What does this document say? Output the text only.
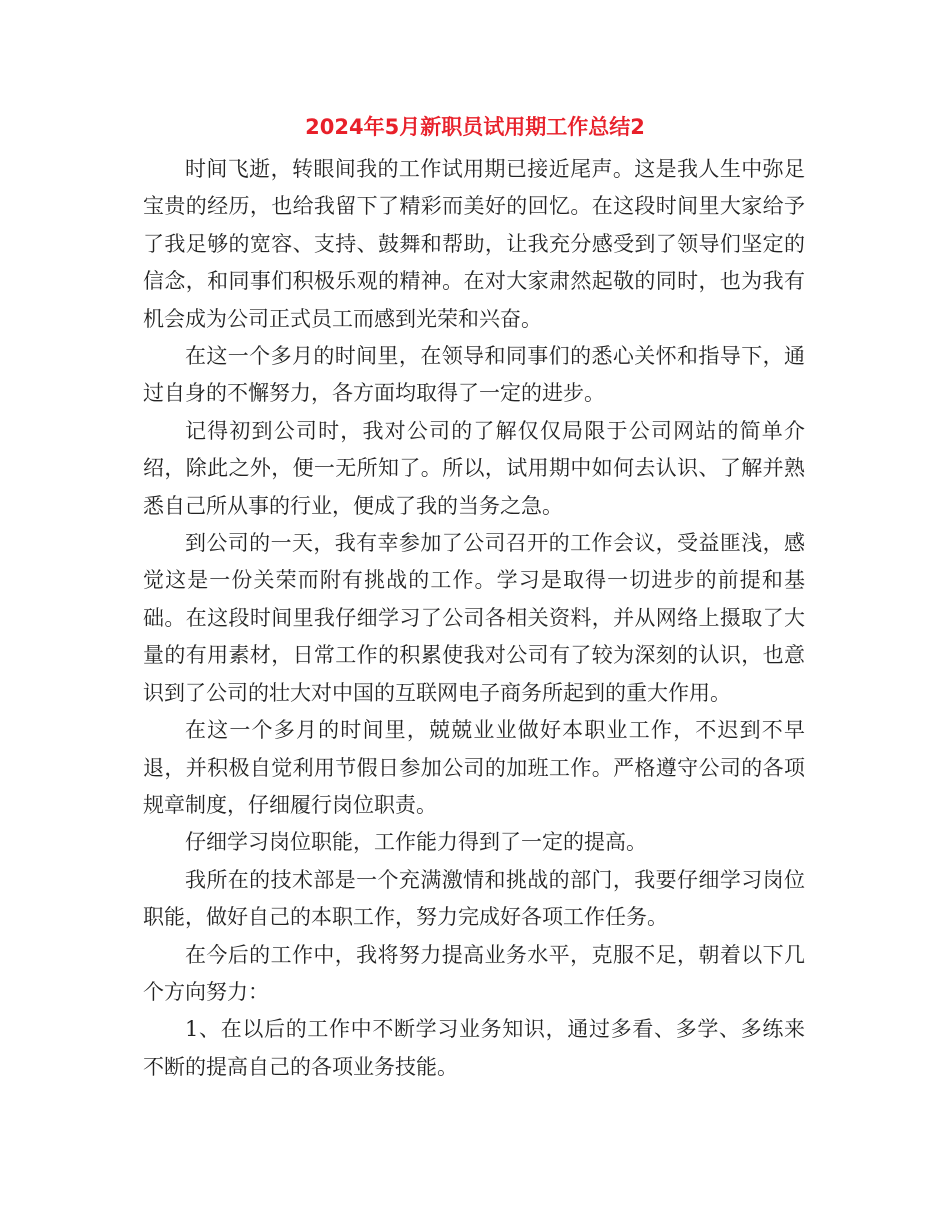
2024年5月新职员试用期工作总结2

时间飞逝，转眼间我的工作试用期已接近尾声。这是我人生中弥足宝贵的经历，也给我留下了精彩而美好的回忆。在这段时间里大家给予了我足够的宽容、支持、鼓舞和帮助，让我充分感受到了领导们坚定的信念，和同事们积极乐观的精神。在对大家肃然起敬的同时，也为我有机会成为公司正式员工而感到光荣和兴奋。

在这一个多月的时间里，在领导和同事们的悉心关怀和指导下，通过自身的不懈努力，各方面均取得了一定的进步。

记得初到公司时，我对公司的了解仅仅局限于公司网站的简单介绍，除此之外，便一无所知了。所以，试用期中如何去认识、了解并熟悉自己所从事的行业，便成了我的当务之急。

到公司的一天，我有幸参加了公司召开的工作会议，受益匪浅，感觉这是一份关荣而附有挑战的工作。学习是取得一切进步的前提和基础。在这段时间里我仔细学习了公司各相关资料，并从网络上摄取了大量的有用素材，日常工作的积累使我对公司有了较为深刻的认识，也意识到了公司的壮大对中国的互联网电子商务所起到的重大作用。

在这一个多月的时间里，兢兢业业做好本职业工作，不迟到不早退，并积极自觉利用节假日参加公司的加班工作。严格遵守公司的各项规章制度，仔细履行岗位职责。

仔细学习岗位职能，工作能力得到了一定的提高。

我所在的技术部是一个充满激情和挑战的部门，我要仔细学习岗位职能，做好自己的本职工作，努力完成好各项工作任务。

在今后的工作中，我将努力提高业务水平，克服不足，朝着以下几个方向努力：

1、在以后的工作中不断学习业务知识，通过多看、多学、多练来不断的提高自己的各项业务技能。
